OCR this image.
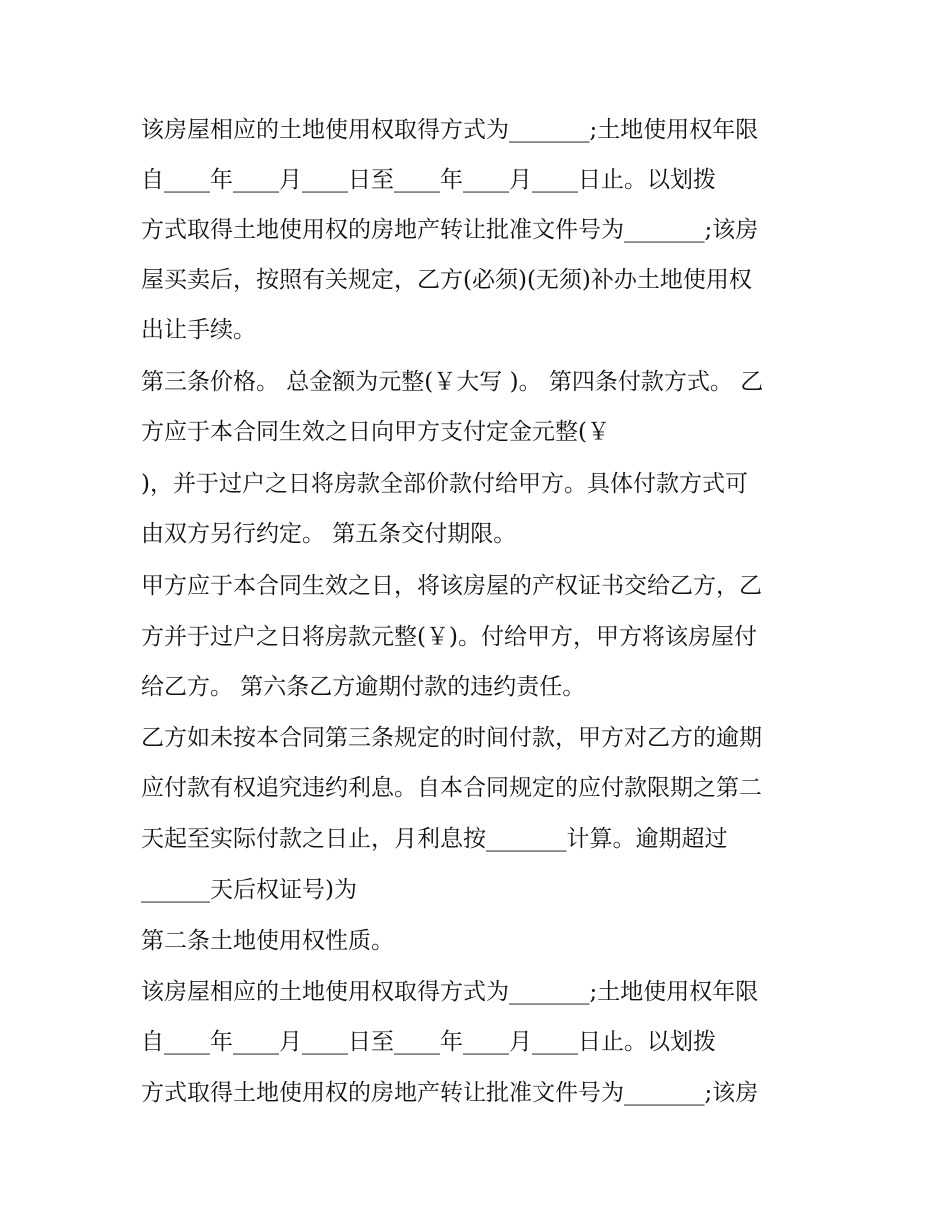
该房屋相应的土地使用权取得方式为_______;土地使用权年限

自____年____月____日至____年____月____日止。以划拨

方式取得土地使用权的房地产转让批准文件号为_______;该房

屋买卖后，按照有关规定，乙方(必须)(无须)补办土地使用权

出让手续。

第三条价格。 总金额为元整(￥大写 )。 第四条付款方式。 乙

方应于本合同生效之日向甲方支付定金元整(￥

)，并于过户之日将房款全部价款付给甲方。具体付款方式可

由双方另行约定。 第五条交付期限。

甲方应于本合同生效之日，将该房屋的产权证书交给乙方，乙

方并于过户之日将房款元整(￥)。付给甲方，甲方将该房屋付

给乙方。 第六条乙方逾期付款的违约责任。

乙方如未按本合同第三条规定的时间付款，甲方对乙方的逾期

应付款有权追究违约利息。自本合同规定的应付款限期之第二

天起至实际付款之日止，月利息按_______计算。逾期超过

______天后权证号)为

第二条土地使用权性质。

该房屋相应的土地使用权取得方式为_______;土地使用权年限

自____年____月____日至____年____月____日止。以划拨

方式取得土地使用权的房地产转让批准文件号为_______;该房
